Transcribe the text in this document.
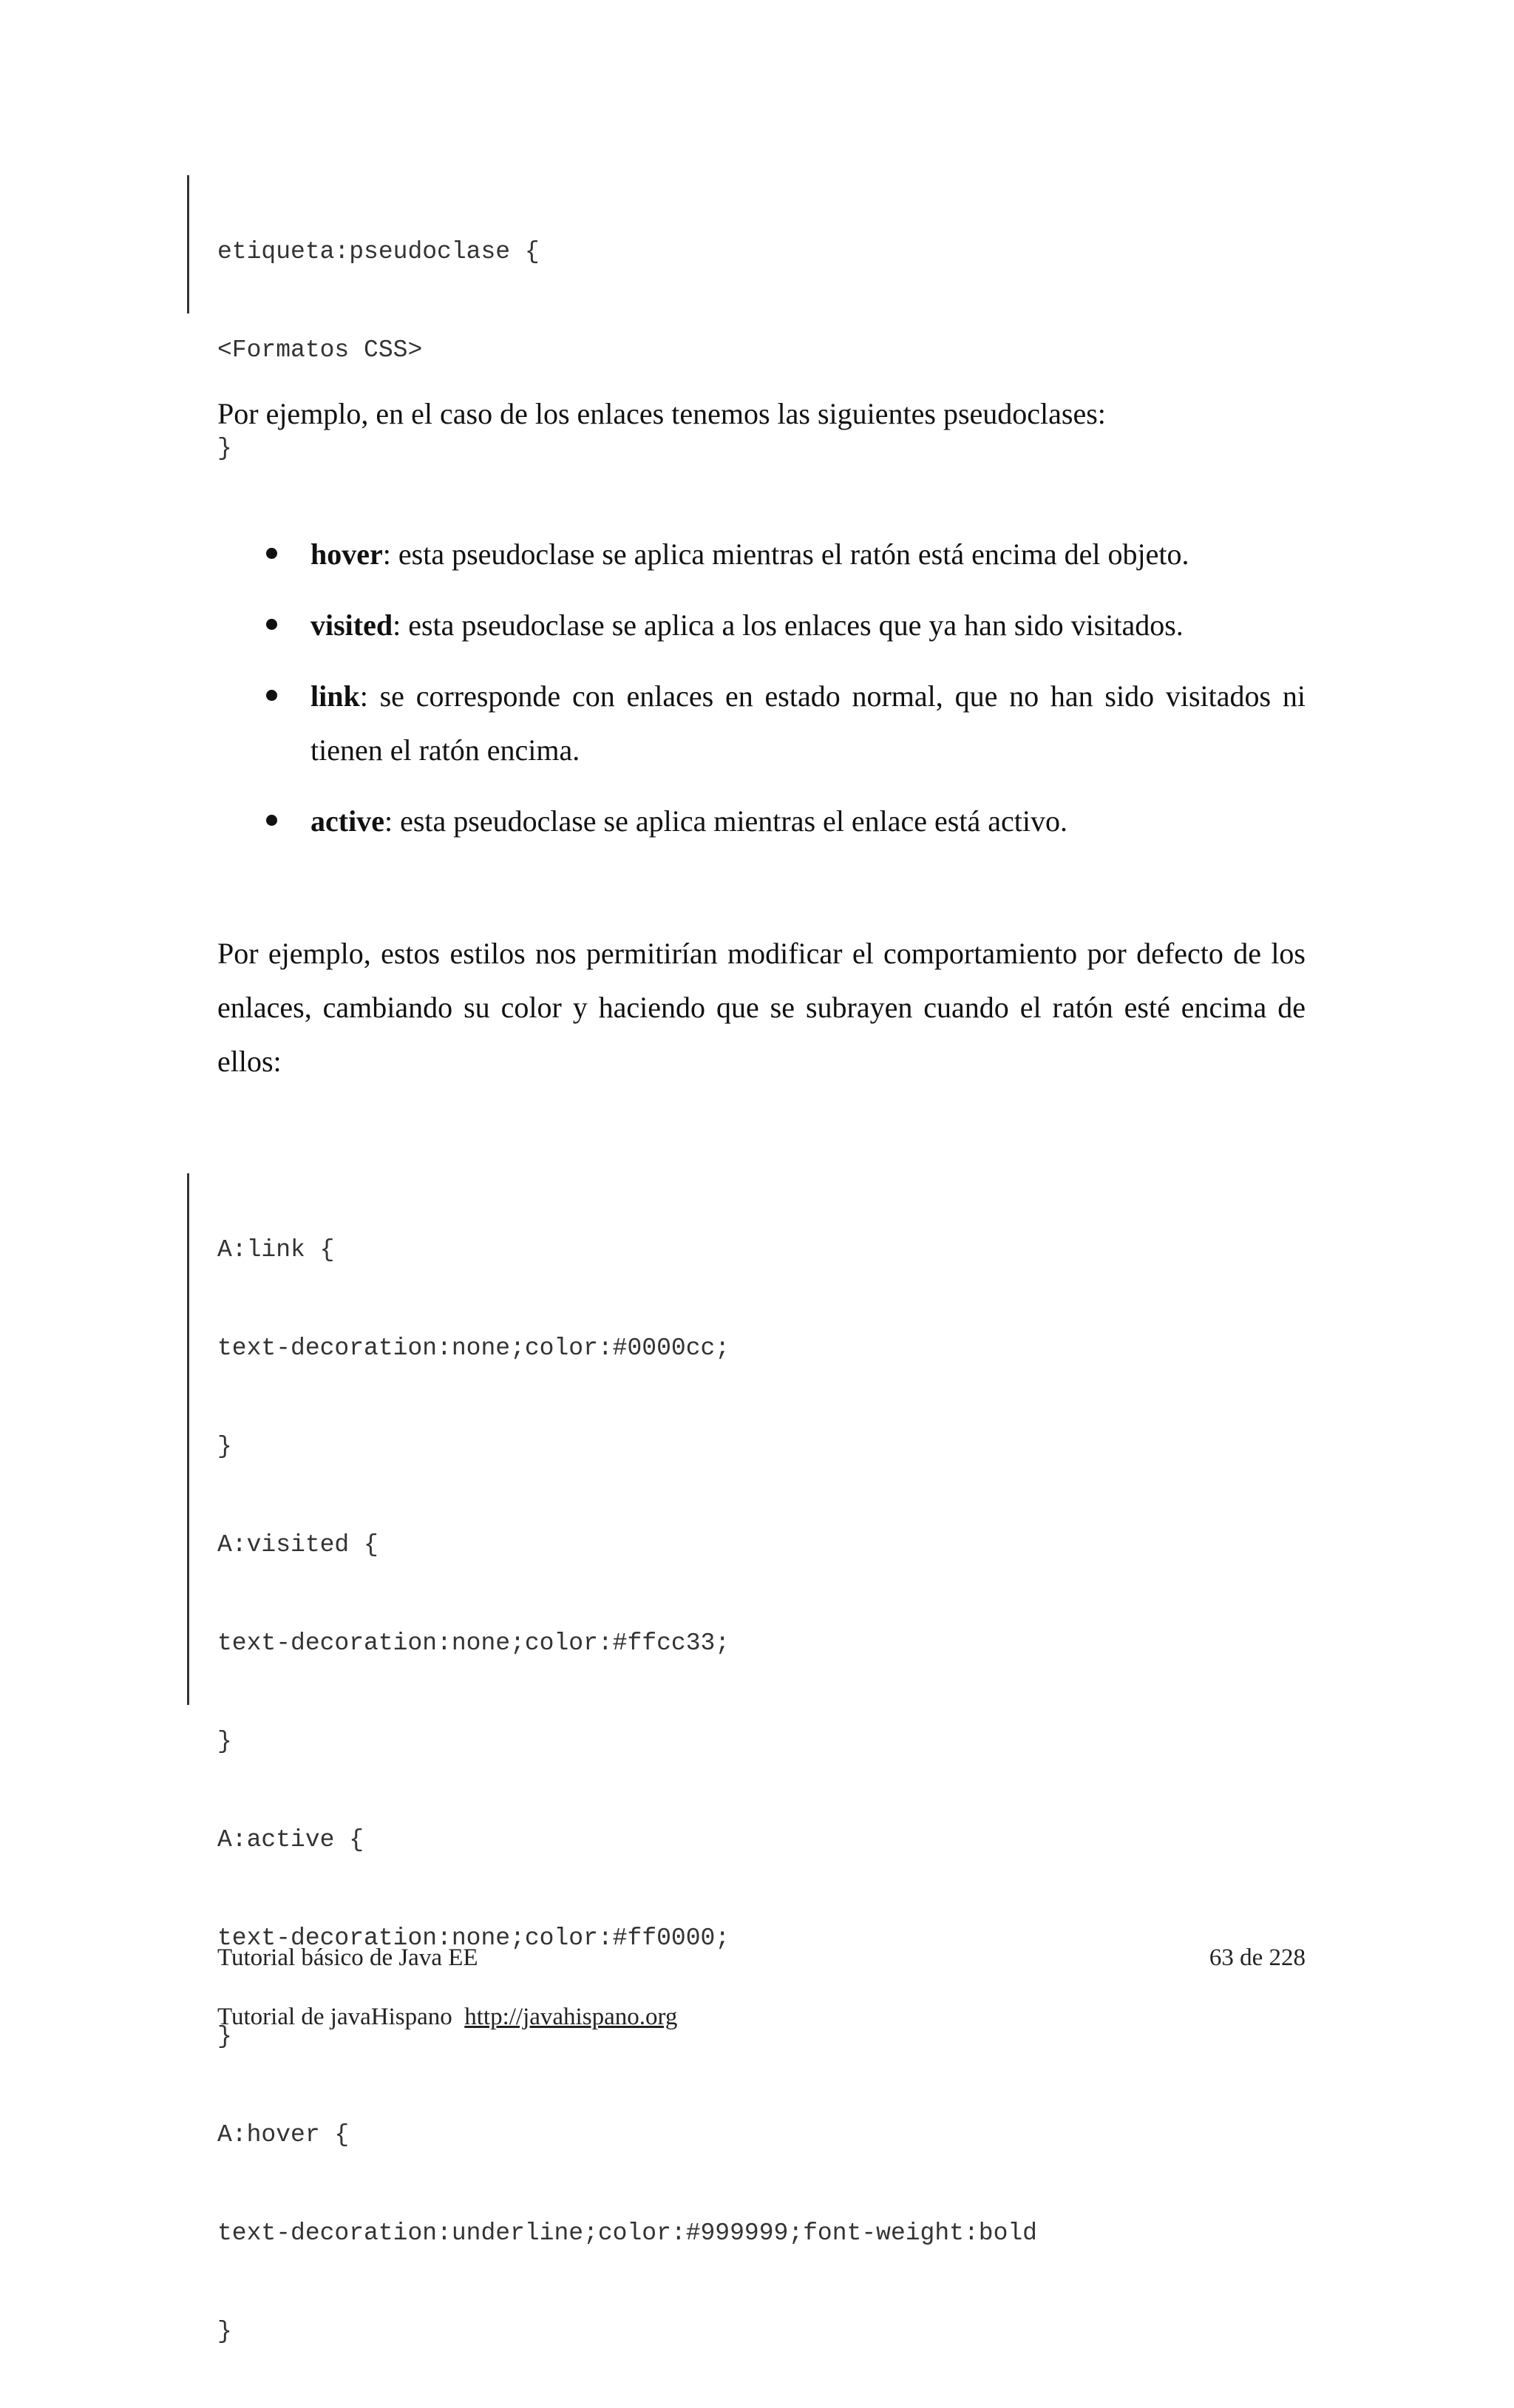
etiqueta:pseudoclase {

<Formatos CSS>

}

Por ejemplo, en el caso de los enlaces tenemos las siguientes pseudoclases:
hover: esta pseudoclase se aplica mientras el ratón está encima del objeto.
visited: esta pseudoclase se aplica a los enlaces que ya han sido visitados.
link: se corresponde con enlaces en estado normal, que no han sido visitados ni tienen el ratón encima.
active: esta pseudoclase se aplica mientras el enlace está activo.
Por ejemplo, estos estilos nos permitirían modificar el comportamiento por defecto de los enlaces, cambiando su color y haciendo que se subrayen cuando el ratón esté encima de ellos:

A:link {

text-decoration:none;color:#0000cc;

}

A:visited {

text-decoration:none;color:#ffcc33;

}

A:active {

text-decoration:none;color:#ff0000;

}

A:hover {

text-decoration:underline;color:#999999;font-weight:bold

}

Tutorial básico de Java EE	63 de 228
Tutorial de javaHispano http://javahispano.org
